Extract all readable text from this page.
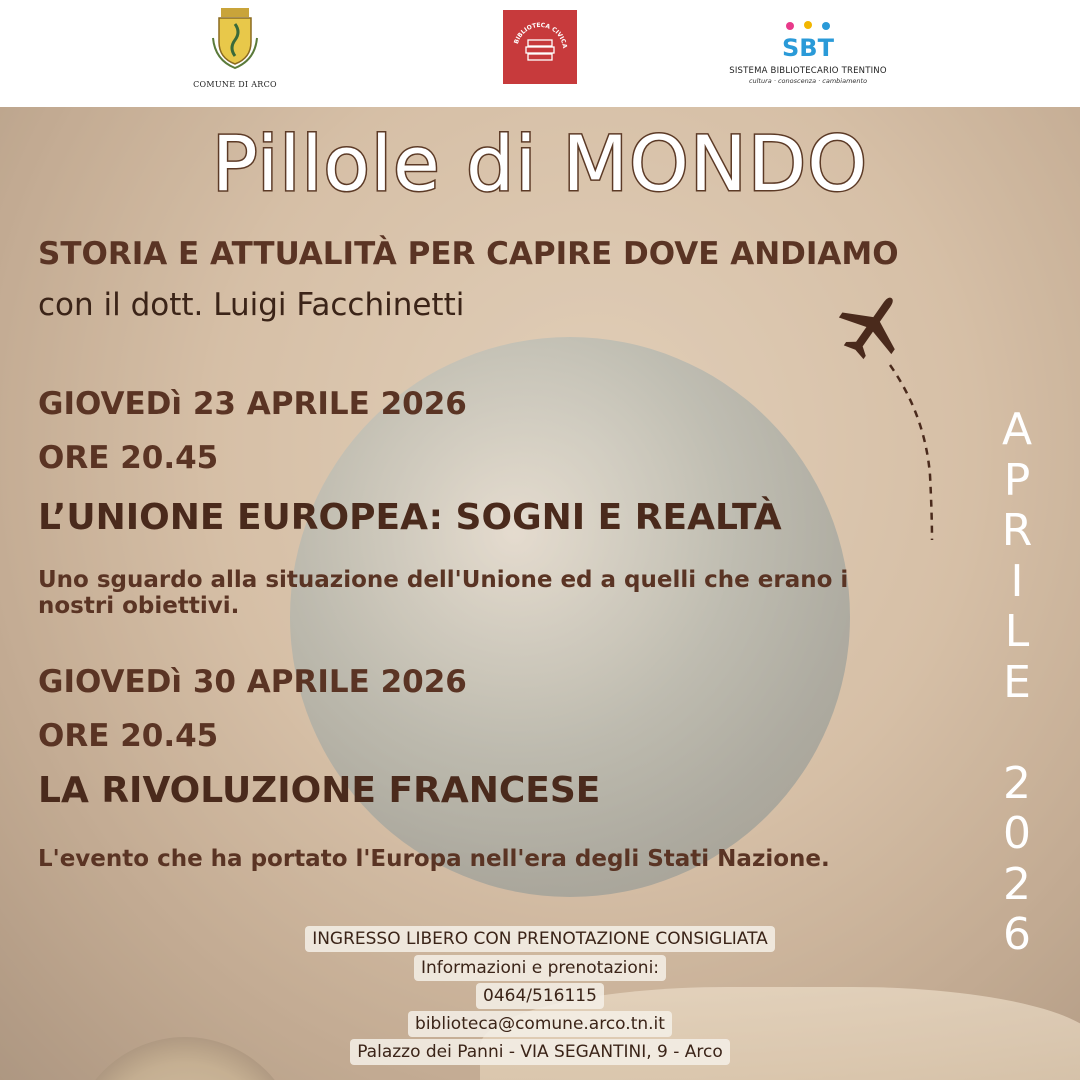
COMUNE DI ARCO
BIBLIOTECA CIVICA	SBT
SISTEMA BIBLIOTECARIO TRENTINO
cultura · conoscenza · cambiamento
Pillole di MONDO
STORIA E ATTUALITÀ PER CAPIRE DOVE ANDIAMO
con il dott. Luigi Facchinetti
GIOVEDì 23 APRILE 2026
ORE 20.45
L’UNIONE EUROPEA: SOGNI E REALTÀ
Uno sguardo alla situazione dell'Unione ed a quelli che erano i nostri obiettivi.
GIOVEDì 30 APRILE 2026
ORE 20.45
LA RIVOLUZIONE FRANCESE
L'evento che ha portato l'Europa nell'era degli Stati Nazione.
A
P
R
I
L
E

2
0
2
6
INGRESSO LIBERO CON PRENOTAZIONE CONSIGLIATA
Informazioni e prenotazioni:
0464/516115
biblioteca@comune.arco.tn.it
Palazzo dei Panni - VIA SEGANTINI, 9 - Arco
